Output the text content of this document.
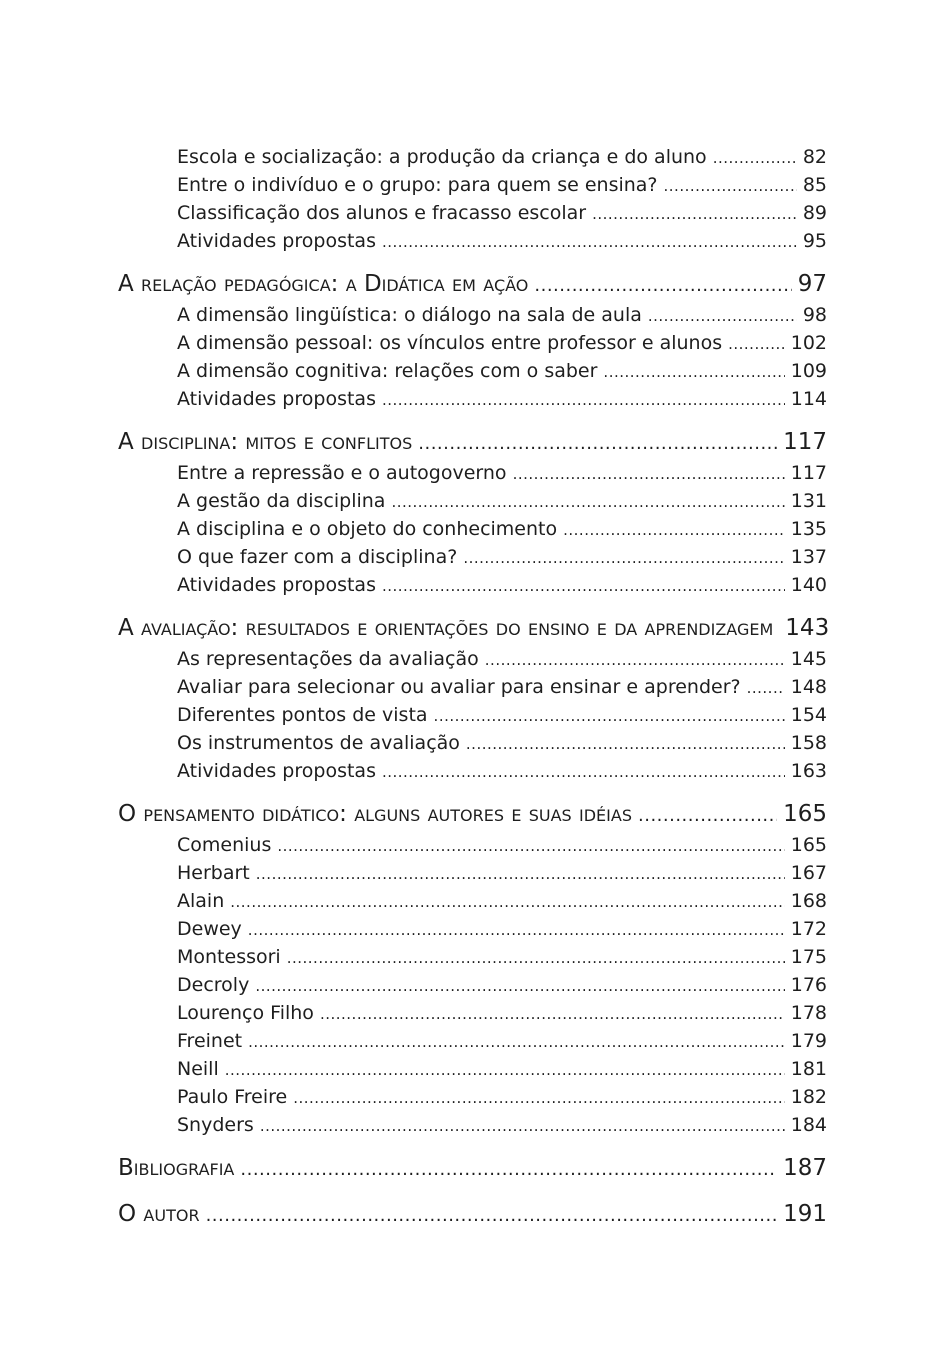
Escola e socialização: a produção da criança e do aluno .....	82
Entre o indivíduo e o grupo: para quem se ensina? .....	85
Classificação dos alunos e fracasso escolar .....	89
Atividades propostas .....	95
A relação pedagógica: a Didática em ação .....	97
A dimensão lingüística: o diálogo na sala de aula .....	98
A dimensão pessoal: os vínculos entre professor e alunos .....	102
A dimensão cognitiva: relações com o saber .....	109
Atividades propostas .....	114
A disciplina: mitos e conflitos .....	117
Entre a repressão e o autogoverno .....	117
A gestão da disciplina .....	131
A disciplina e o objeto do conhecimento .....	135
O que fazer com a disciplina? .....	137
Atividades propostas .....	140
A avaliação: resultados e orientações do ensino e da aprendizagem 143
As representações da avaliação .....	145
Avaliar para selecionar ou avaliar para ensinar e aprender? .....	148
Diferentes pontos de vista .....	154
Os instrumentos de avaliação .....	158
Atividades propostas .....	163
O pensamento didático: alguns autores e suas idéias .....	165
Comenius .....	165
Herbart .....	167
Alain .....	168
Dewey .....	172
Montessori .....	175
Decroly .....	176
Lourenço Filho .....	178
Freinet .....	179
Neill .....	181
Paulo Freire .....	182
Snyders .....	184
Bibliografia .....	187
O autor .....	191
